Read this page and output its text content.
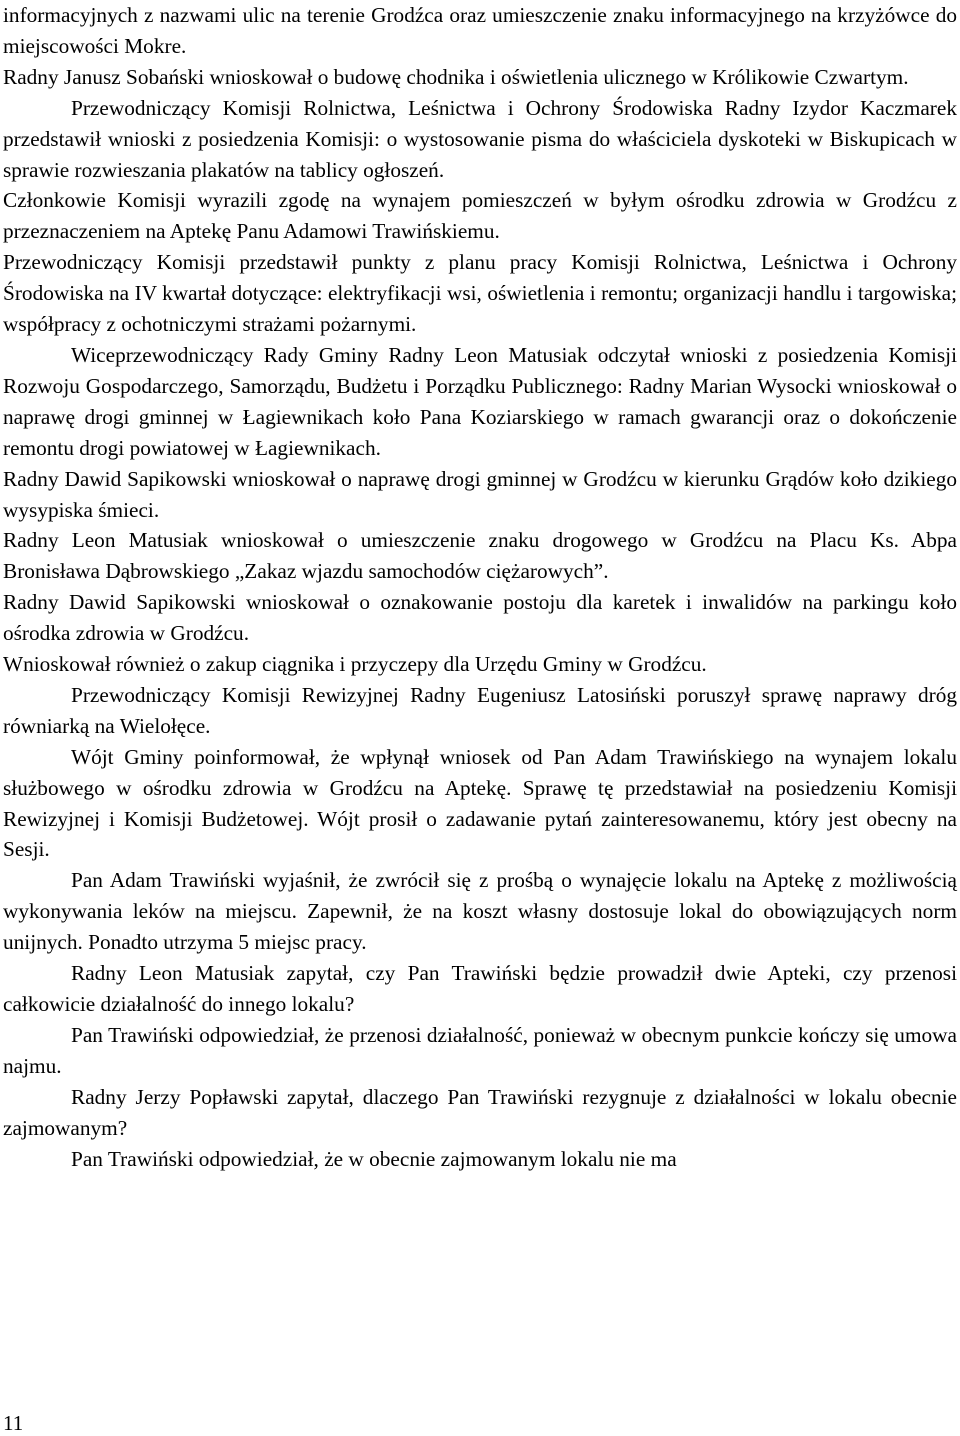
informacyjnych z nazwami ulic na terenie Grodźca oraz umieszczenie znaku informacyjnego na krzyżówce do miejscowości Mokre.

Radny Janusz Sobański wnioskował o budowę chodnika i oświetlenia ulicznego w Królikowie Czwartym.

Przewodniczący Komisji Rolnictwa, Leśnictwa i Ochrony Środowiska Radny Izydor Kaczmarek przedstawił wnioski z posiedzenia Komisji: o wystosowanie pisma do właściciela dyskoteki w Biskupicach w sprawie rozwieszania plakatów na tablicy ogłoszeń.

Członkowie Komisji wyrazili zgodę na wynajem pomieszczeń w byłym ośrodku zdrowia w Grodźcu z przeznaczeniem na Aptekę Panu Adamowi Trawińskiemu.

Przewodniczący Komisji przedstawił punkty z planu pracy Komisji Rolnictwa, Leśnictwa i Ochrony Środowiska na IV kwartał dotyczące: elektryfikacji wsi, oświetlenia i remontu; organizacji handlu i targowiska; współpracy z ochotniczymi strażami pożarnymi.

Wiceprzewodniczący Rady Gminy Radny Leon Matusiak odczytał wnioski z posiedzenia Komisji Rozwoju Gospodarczego, Samorządu, Budżetu i Porządku Publicznego: Radny Marian Wysocki wnioskował o naprawę drogi gminnej w Łagiewnikach koło Pana Koziarskiego w ramach gwarancji oraz o dokończenie remontu drogi powiatowej w Łagiewnikach.

Radny Dawid Sapikowski wnioskował o naprawę drogi gminnej w Grodźcu w kierunku Grądów koło dzikiego wysypiska śmieci.

Radny Leon Matusiak wnioskował o umieszczenie znaku drogowego w Grodźcu na Placu Ks. Abpa Bronisława Dąbrowskiego „Zakaz wjazdu samochodów ciężarowych”.

Radny Dawid Sapikowski wnioskował o oznakowanie postoju dla karetek i inwalidów na parkingu koło ośrodka zdrowia w Grodźcu.

Wnioskował również o zakup ciągnika i przyczepy dla Urzędu Gminy w Grodźcu.

Przewodniczący Komisji Rewizyjnej Radny Eugeniusz Latosiński poruszył sprawę naprawy dróg równiarką na Wielołęce.

Wójt Gminy poinformował, że wpłynął wniosek od Pan Adam Trawińskiego na wynajem lokalu służbowego w ośrodku zdrowia w Grodźcu na Aptekę. Sprawę tę przedstawiał na posiedzeniu Komisji Rewizyjnej i Komisji Budżetowej. Wójt prosił o zadawanie pytań zainteresowanemu, który jest obecny na Sesji.

Pan Adam Trawiński wyjaśnił, że zwrócił się z prośbą o wynajęcie lokalu na Aptekę z możliwością wykonywania leków na miejscu. Zapewnił, że na koszt własny dostosuje lokal do obowiązujących norm unijnych. Ponadto utrzyma 5 miejsc pracy.

Radny Leon Matusiak zapytał, czy Pan Trawiński będzie prowadził dwie Apteki, czy przenosi całkowicie działalność do innego lokalu?

Pan Trawiński odpowiedział, że przenosi działalność, ponieważ w obecnym punkcie kończy się umowa najmu.

Radny Jerzy Popławski zapytał, dlaczego Pan Trawiński rezygnuje z działalności w lokalu obecnie zajmowanym?

Pan Trawiński odpowiedział, że w obecnie zajmowanym lokalu nie ma

11
